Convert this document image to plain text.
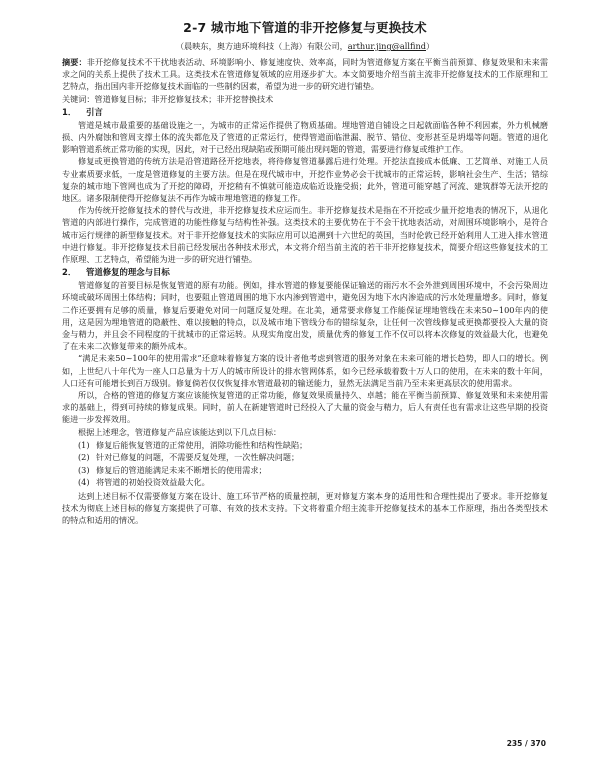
2-7 城市地下管道的非开挖修复与更换技术
（晨映东，奥方迪环境科技（上海）有限公司，arthur.jing@allfind）

摘要：非开挖修复技术不干扰地表活动、环境影响小、修复速度快、效率高，同时为管道修复方案在平衡当前预算、修复效果和未来需求之间的关系上提供了技术工具。这类技术在管道修复领域的应用逐步扩大。本文简要地介绍当前主流非开挖修复技术的工作原理和工艺特点，指出国内非开挖修复技术面临的一些制约因素，希望为进一步的研究进行铺垫。

关键词：管道修复目标；非开挖修复技术；非开挖替换技术

1． 引言

管道是城市最重要的基础设施之一，为城市的正常运作提供了物质基础。埋地管道自铺设之日起就面临各种不利因素，外力机械磨损、内外腐蚀和管周支撑土体的流失都危及了管道的正常运行，使得管道面临泄漏、脱节、错位、变形甚至是坍塌等问题。管道的退化影响管道系统正常功能的实现，因此，对于已经出现缺陷或预期可能出现问题的管道，需要进行修复或维护工作。

修复或更换管道的传统方法是沿管道路径开挖地表，将待修复管道暴露后进行处理。开挖法直接成本低廉、工艺简单、对施工人员专业素质要求低，一度是管道修复的主要方法。但是在现代城市中，开挖作业势必会干扰城市的正常运转，影响社会生产、生活；错综复杂的城市地下管网也成为了开挖的障碍，开挖稍有不慎就可能造成临近设施受损；此外，管道可能穿越了河流、建筑群等无法开挖的地区。诸多限制使得开挖修复法不再作为城市埋地管道的修复工作。

作为传统开挖修复技术的替代与改进，非开挖修复技术应运而生。非开挖修复技术是指在不开挖或少量开挖地表的情况下，从退化管道的内部进行操作，完成管道的功能性修复与结构性补强。这类技术的主要优势在于不会干扰地表活动，对周围环境影响小，是符合城市运行规律的新型修复技术。对于非开挖修复技术的实际应用可以追溯到十六世纪的英国，当时伦敦已经开始利用人工进入排水管道中进行修复。非开挖修复技术目前已经发展出各种技术形式，本文将介绍当前主流的若干非开挖修复技术，简要介绍这些修复技术的工作原理、工艺特点，希望能为进一步的研究进行铺垫。

2． 管道修复的理念与目标

管道修复的首要目标是恢复管道的原有功能。例如，排水管道的修复要能保证输送的雨污水不会外泄到周围环境中，不会污染周边环境或破坏周围土体结构；同时，也要阻止管道周围的地下水内渗到管道中，避免因为地下水内渗造成的污水处理量增多。同时，修复二作还要拥有足够的质量，修复后要避免对同一问题反复处理。在北美，通常要求修复工作能保证埋地管线在未来50~100年内的使用，这是因为埋地管道的隐蔽性、难以接触的特点，以及城市地下管线分布的错综复杂，让任何一次管线修复或更换都要投入大量的资金与精力，并且会不同程度的干扰城市的正常运转。从现实角度出发，质量优秀的修复工作不仅可以将本次修复的效益最大化，也避免了在未来二次修复带来的额外成本。

“满足未来50~100年的使用需求”还意味着修复方案的设计者他考虑到管道的服务对象在未来可能的增长趋势，即人口的增长。例如，上世纪八十年代为一座人口总量为十万人的城市所设计的排水管网体系，如今已经承载着数十万人口的使用，在未来的数十年间，人口还有可能增长到百万级别。修复倘若仅仅恢复排水管道最初的输送能力，显然无法满足当前乃至未来更高层次的使用需求。

所以，合格的管道的修复方案应该能恢复管道的正常功能，修复效果质量持久、卓越；能在平衡当前预算、修复效果和未来使用需求的基础上，得到可持续的修复成果。同时，前人在新建管道时已经投入了大量的资金与精力，后人有责任也有需求让这些早期的投资能进一步发挥效用。

根据上述理念，管道修复产品应该能达到以下几点目标：

(1) 修复后能恢复管道的正常使用，消除功能性和结构性缺陷；
(2) 针对已修复的问题，不需要反复处理，一次性解决问题；
(3) 修复后的管道能满足未来不断增长的使用需求；
(4) 将管道的初始投资效益最大化。

达到上述目标不仅需要修复方案在设计、施工环节严格的质量控制，更对修复方案本身的适用性和合理性提出了要求。非开挖修复技术为彻底上述目标的修复方案提供了可靠、有效的技术支持。下文将着重介绍主流非开挖修复技术的基本工作原理，指出各类型技术的特点和适用的情况。

235 / 370
